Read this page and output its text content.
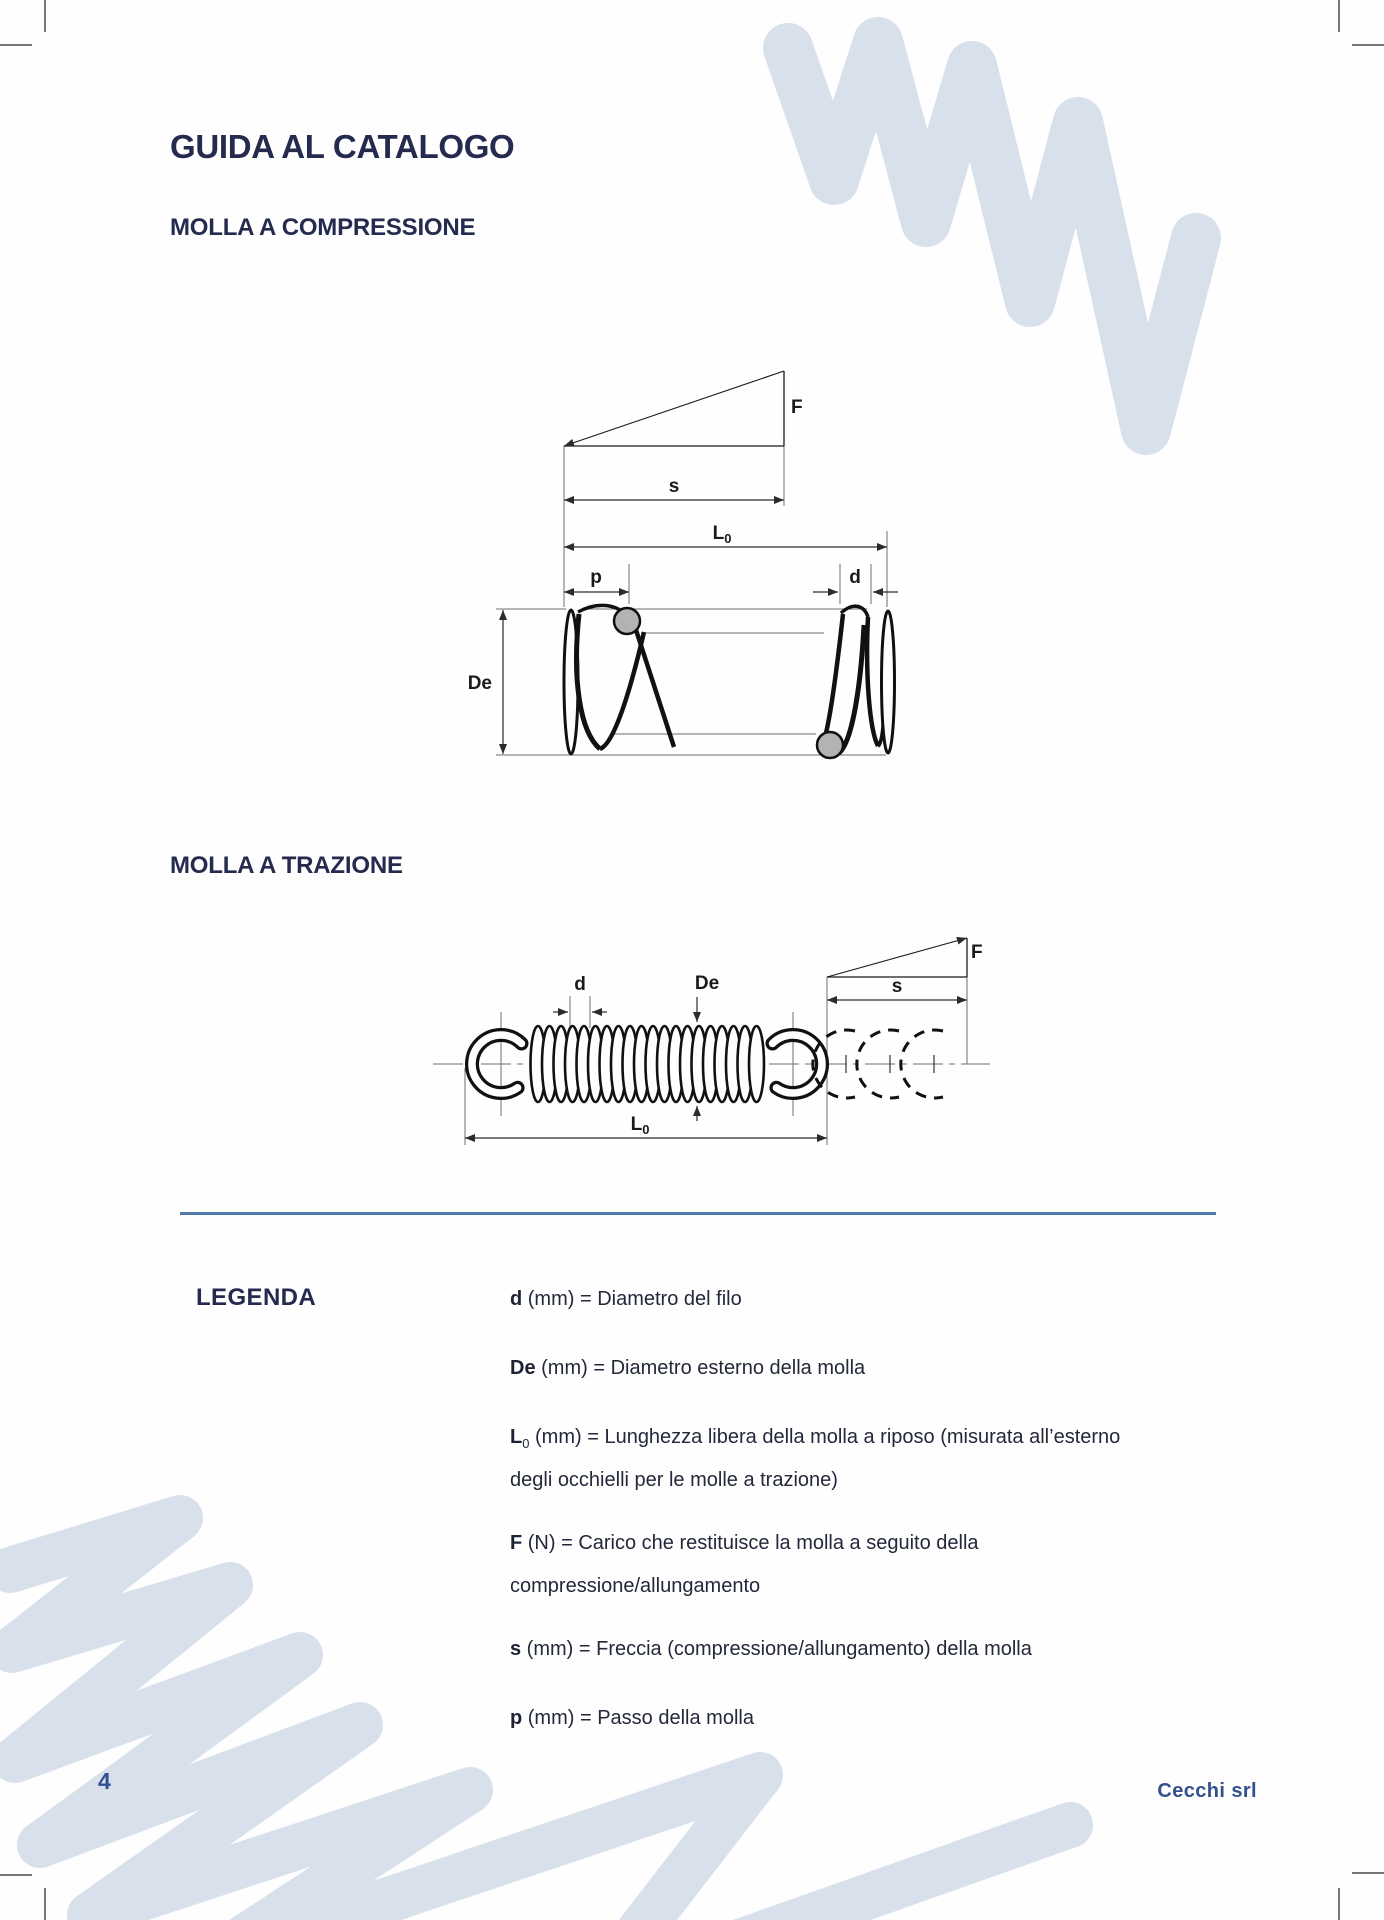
F
s
$L_0$
p	d
De
F
s
$L_0$
d	De
GUIDA AL CATALOGO
MOLLA A COMPRESSIONE
MOLLA A TRAZIONE
LEGENDA	d (mm) = Diametro del filo

De (mm) = Diametro esterno della molla

$L_0$ (mm) = Lunghezza libera della molla a riposo (misurata all’esterno degli occhielli per le molle a trazione)

F (N) = Carico che restituisce la molla a seguito della compressione/allungamento

s (mm) = Freccia (compressione/allungamento) della molla

p (mm) = Passo della molla

4	Cecchi srl
